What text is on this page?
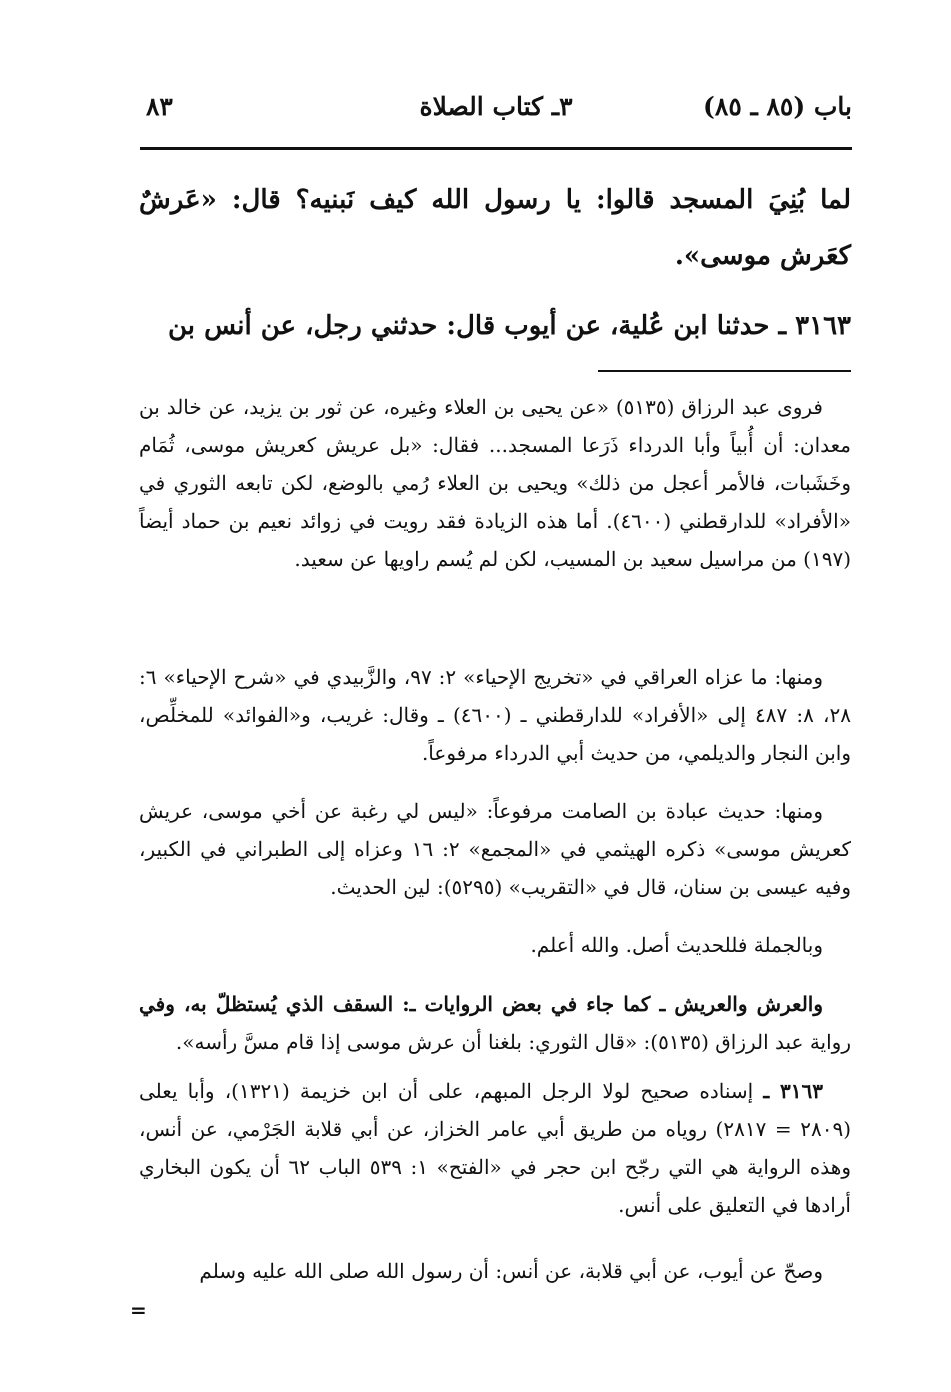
باب (٨٥ ـ ٨٥)
٣ـ كتاب الصلاة
٨٣
لما بُنِيَ المسجد قالوا: يا رسول الله كيف نَبنيه؟ قال: «عَرشٌ كعَرش موسى».
٣١٦٣ ـ حدثنا ابن عُلية، عن أيوب قال: حدثني رجل، عن أنس بن

فروى عبد الرزاق (٥١٣٥) «عن يحيى بن العلاء وغيره، عن ثور بن يزيد، عن خالد بن معدان: أن أُبياً وأبا الدرداء ذَرَعا المسجد... فقال: «بل عريش كعريش موسى، ثُمَام وخَشَبات، فالأمر أعجل من ذلك» ويحيى بن العلاء رُمي بالوضع، لكن تابعه الثوري في «الأفراد» للدارقطني (٤٦٠٠). أما هذه الزيادة فقد رويت في زوائد نعيم بن حماد أيضاً (١٩٧) من مراسيل سعيد بن المسيب، لكن لم يُسم راويها عن سعيد.

ومنها: ما عزاه العراقي في «تخريج الإحياء» ٢: ٩٧، والزَّبيدي في «شرح الإحياء» ٦: ٢٨، ٨: ٤٨٧ إلى «الأفراد» للدارقطني ـ (٤٦٠٠) ـ وقال: غريب، و«الفوائد» للمخلِّص، وابن النجار والديلمي، من حديث أبي الدرداء مرفوعاً.

ومنها: حديث عبادة بن الصامت مرفوعاً: «ليس لي رغبة عن أخي موسى، عريش كعريش موسى» ذكره الهيثمي في «المجمع» ٢: ١٦ وعزاه إلى الطبراني في الكبير، وفيه عيسى بن سنان، قال في «التقريب» (٥٢٩٥): لين الحديث.

وبالجملة فللحديث أصل. والله أعلم.

والعرش والعريش ـ كما جاء في بعض الروايات ـ: السقف الذي يُستظلّ به، وفي رواية عبد الرزاق (٥١٣٥): «قال الثوري: بلغنا أن عرش موسى إذا قام مسَّ رأسه».

٣١٦٣ ـ إسناده صحيح لولا الرجل المبهم، على أن ابن خزيمة (١٣٢١)، وأبا يعلى (٢٨٠٩ = ٢٨١٧) روياه من طريق أبي عامر الخزاز، عن أبي قلابة الجَرْمي، عن أنس، وهذه الرواية هي التي رجّح ابن حجر في «الفتح» ١: ٥٣٩ الباب ٦٢ أن يكون البخاري أرادها في التعليق على أنس.

وصحّ عن أيوب، عن أبي قلابة، عن أنس: أن رسول الله صلى الله عليه وسلم

=
